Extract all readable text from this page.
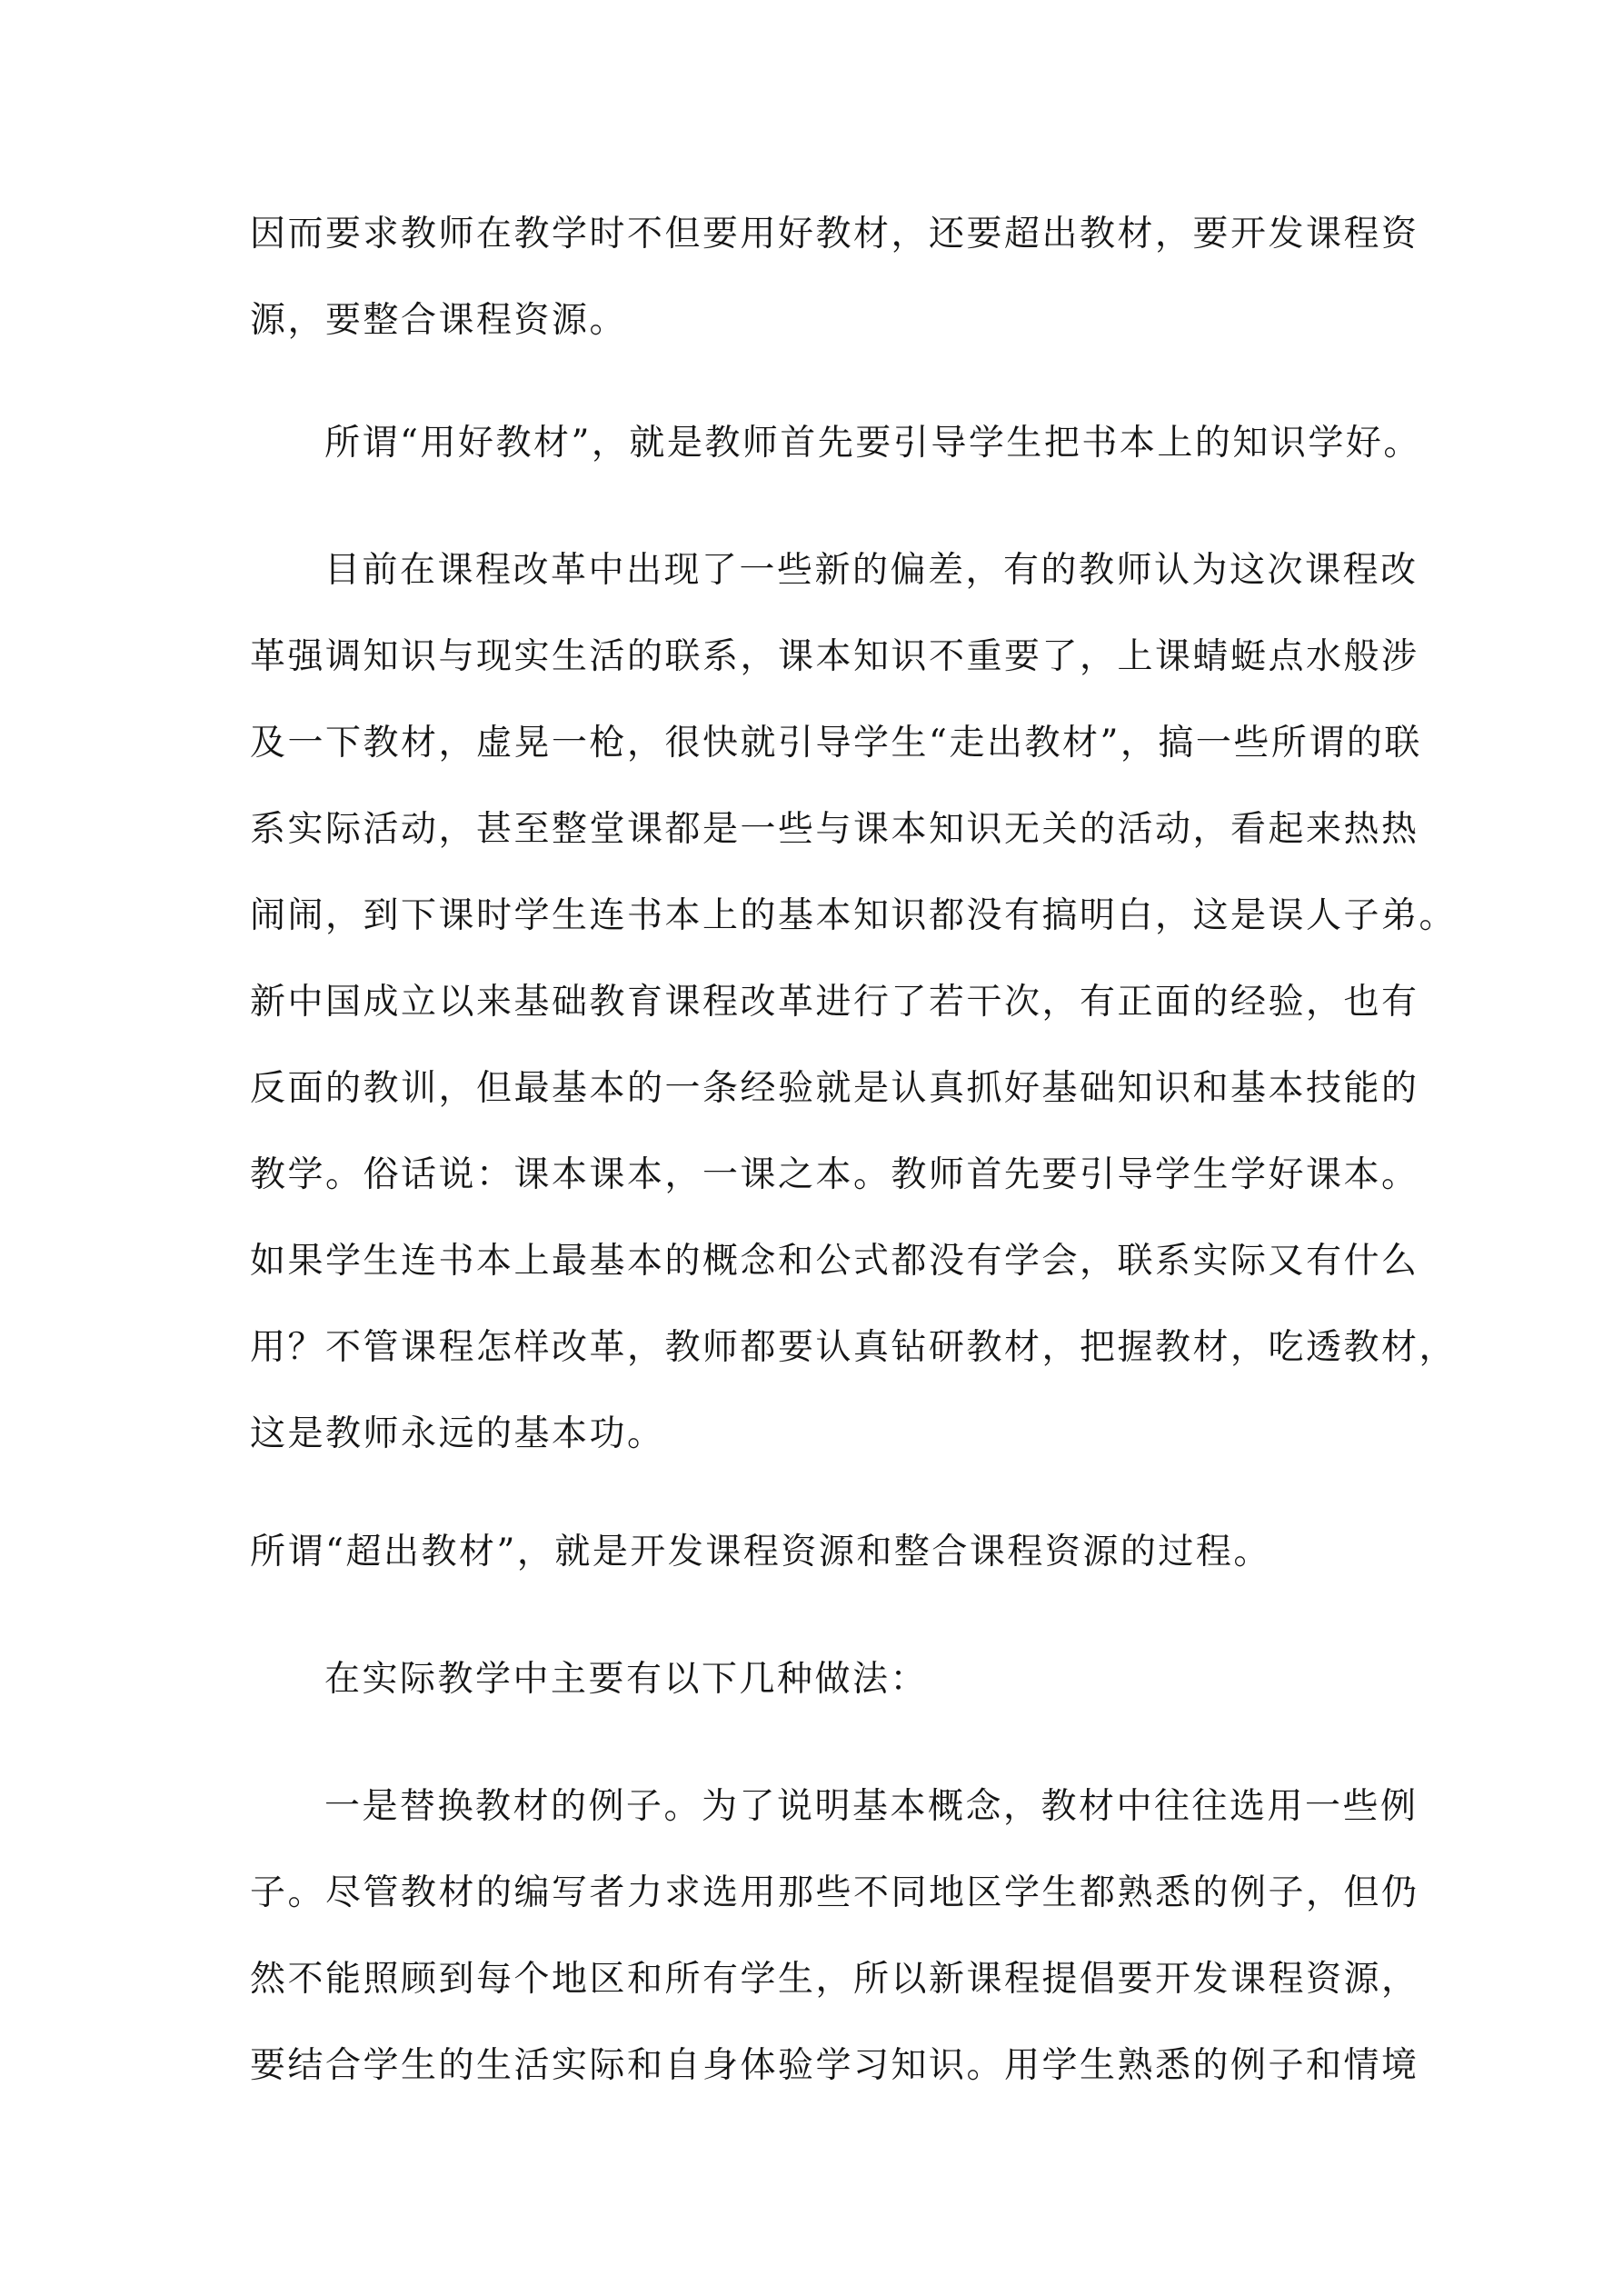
因而要求教师在教学时不但要用好教材，还要超出教材，要开发课程资
源，要整合课程资源。

所谓“用好教材”，就是教师首先要引导学生把书本上的知识学好。

目前在课程改革中出现了一些新的偏差，有的教师认为这次课程改
革强调知识与现实生活的联系，课本知识不重要了，上课蜻蜓点水般涉
及一下教材，虚晃一枪，很快就引导学生“走出教材”，搞一些所谓的联
系实际活动，甚至整堂课都是一些与课本知识无关的活动，看起来热热
闹闹，到下课时学生连书本上的基本知识都没有搞明白，这是误人子弟。
新中国成立以来基础教育课程改革进行了若干次，有正面的经验，也有
反面的教训，但最基本的一条经验就是认真抓好基础知识和基本技能的
教学。俗话说：课本课本，一课之本。教师首先要引导学生学好课本。
如果学生连书本上最基本的概念和公式都没有学会，联系实际又有什么
用？不管课程怎样改革，教师都要认真钻研教材，把握教材，吃透教材，
这是教师永远的基本功。

所谓“超出教材”，就是开发课程资源和整合课程资源的过程。

在实际教学中主要有以下几种做法：

一是替换教材的例子。为了说明基本概念，教材中往往选用一些例
子。尽管教材的编写者力求选用那些不同地区学生都熟悉的例子，但仍
然不能照顾到每个地区和所有学生，所以新课程提倡要开发课程资源，
要结合学生的生活实际和自身体验学习知识。用学生熟悉的例子和情境
